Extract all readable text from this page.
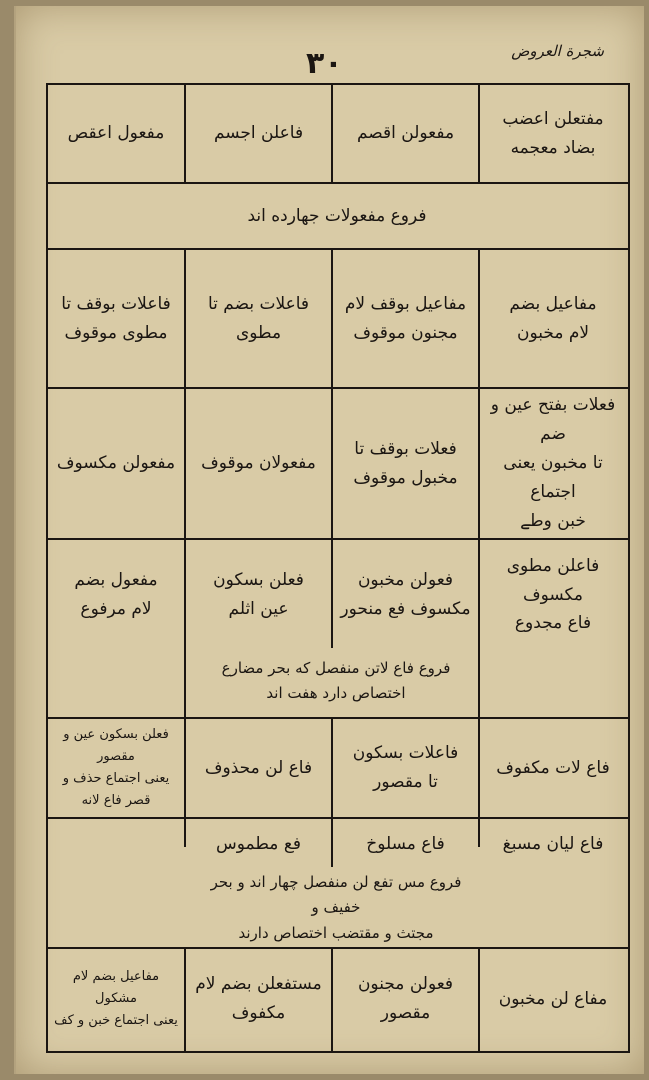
شجرة العروض
۳۰
مفتعلن اعضب
بضاد معجمه
مفعولن اقصم
فاعلن اجسم
مفعول اعقص
فروع مفعولات جهارده اند
مفاعیل بضم
لام مخبون
مفاعیل بوقف لام
مجنون موقوف
فاعلات بضم تا
مطوی
فاعلات بوقف تا
مطوی موقوف
فعلات بفتح عین و ضم
تا مخبون یعنی اجتماع
خبن وطے
فعلات بوقف تا
مخبول موقوف
مفعولان موقوف
مفعولن مکسوف
فاعلن مطوی مکسوف
فاع مجدوع
فعولن مخبون
مکسوف فع منحور
فعلن بسکون
عین اثلم
مفعول بضم
لام مرفوع
فروع فاع لاتن منفصل که بحر مضارع
اختصاص دارد هفت اند
فاع لات مکفوف
فاعلات بسکون
تا مقصور
فاع لن محذوف
فعلن بسکون عین و مقصور
یعنی اجتماع حذف و قصر فاع لانه
فاع لیان مسبغ
فاع مسلوخ
فع مطموس
فروع مس تفع لن منفصل چهار اند و بحر خفیف و
مجتث و مقتضب اختصاص دارند
مفاع لن مخبون
فعولن مجنون مقصور
مستفعلن بضم لام
مکفوف
مفاعیل بضم لام مشکول
یعنی اجتماع خبن و کف
